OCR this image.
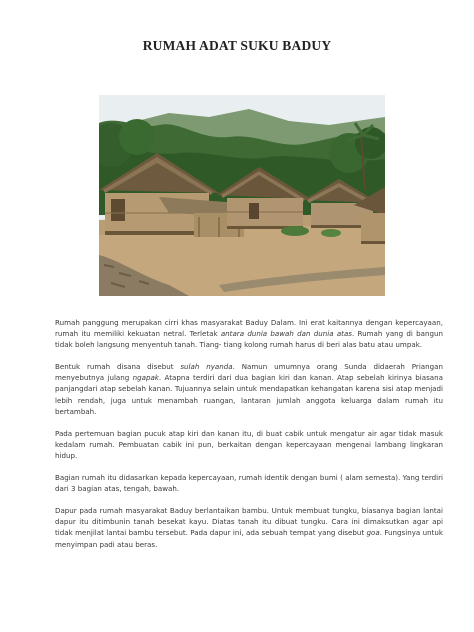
RUMAH ADAT SUKU BADUY

Rumah panggung merupakan cirri khas masyarakat Baduy Dalam. Ini erat kaitannya dengan kepercayaan, rumah itu memiliki kekuatan netral. Terletak antara dunia bawah dan dunia atas. Rumah yang di bangun tidak boleh langsung menyentuh tanah. Tiang- tiang kolong rumah harus di beri alas batu atau umpak.

Bentuk rumah disana disebut sulah nyanda. Namun umumnya orang Sunda didaerah Priangan menyebutnya julang ngapak. Atapna terdiri dari dua bagian kiri dan kanan. Atap sebelah kirinya biasana panjangdari atap sebelah kanan. Tujuannya selain untuk mendapatkan kehangatan karena sisi atap menjadi lebih rendah, juga untuk menambah ruangan, lantaran jumlah anggota keluarga dalam rumah itu bertambah.

Pada pertemuan bagian pucuk atap kiri dan kanan itu, di buat cabik untuk mengatur air agar tidak masuk kedalam rumah. Pembuatan cabik ini pun, berkaitan dengan kepercayaan mengenai lambang lingkaran hidup.

Bagian rumah itu didasarkan kepada kepercayaan, rumah identik dengan bumi ( alam semesta). Yang terdiri dari 3 bagian atas, tengah, bawah.

Dapur pada rumah masyarakat Baduy berlantaikan bambu. Untuk membuat tungku, biasanya bagian lantai dapur itu ditimbunin tanah besekat kayu. Diatas tanah itu dibuat tungku. Cara ini dimaksutkan agar api tidak menjilat lantai bambu tersebut. Pada dapur ini, ada sebuah tempat yang disebut goa. Fungsinya untuk menyimpan padi atau beras.
